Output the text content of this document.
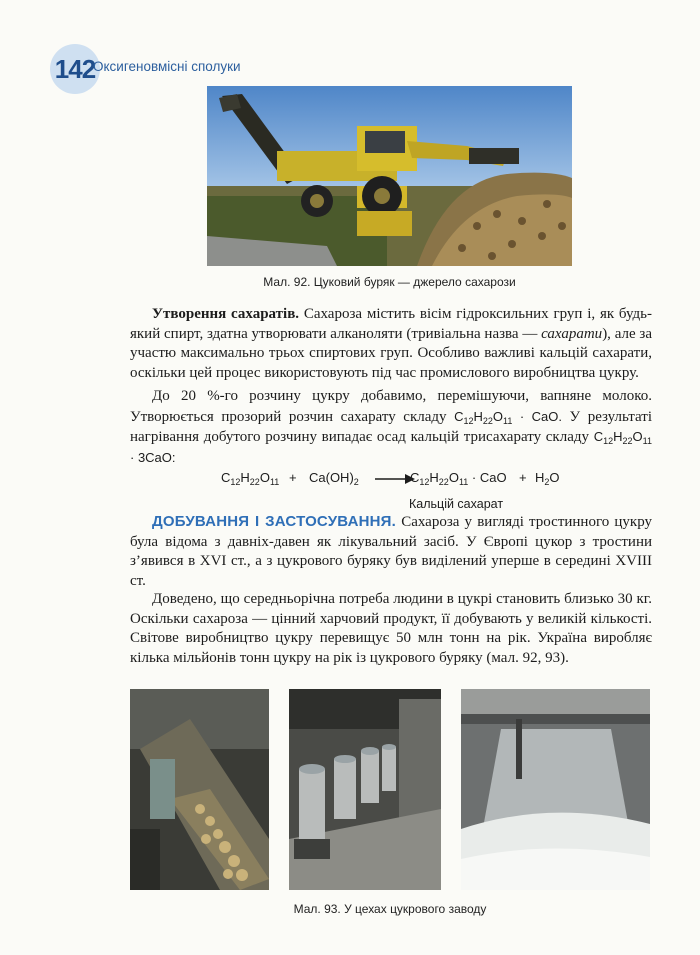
142
Оксигеновмісні сполуки
Мал. 92. Цуковий буряк — джерело сахарози

Утворення сахаратів. Сахароза містить вісім гідроксильних груп і, як будь-який спирт, здатна утворювати алканоляти (тривіальна назва — сахарати), але за участю максимально трьох спиртових груп. Особливо важливі кальцій сахарати, оскільки цей процес використовують під час промислового виробництва цукру.

До 20 %-го розчину цукру добавимо, перемішуючи, вапняне молоко. Утворюється прозорий розчин сахарату складу $C_{12}H_{22}O_{11}$ · CaO. У результаті нагрівання добутого розчину випадає осад кальцій трисахарату складу $C_{12}H_{22}O_{11} \cdot 3CaO$:

$C_{12}H_{22}O_{11} + Ca(OH)_2$ →
$C_{12}H_{22}O_{11}$ · CaO + $H_2O$
Кальцій сахарат

ДОБУВАННЯ І ЗАСТОСУВАННЯ. Сахароза у вигляді тростинного цукру була відома з давніх-давен як лікувальний засіб. У Європі цукор з тростини з’явився в XVI ст., а з цукрового буряку був виділений уперше в середині XVIII ст.

Доведено, що середньорічна потреба людини в цукрі становить близько 30 кг. Оскільки сахароза — цінний харчовий продукт, її добувають у великій кількості. Світове виробництво цукру перевищує 50 млн тонн на рік. Україна виробляє кілька мільйонів тонн цукру на рік із цукрового буряку (мал. 92, 93).

Мал. 93. У цехах цукрового заводу
